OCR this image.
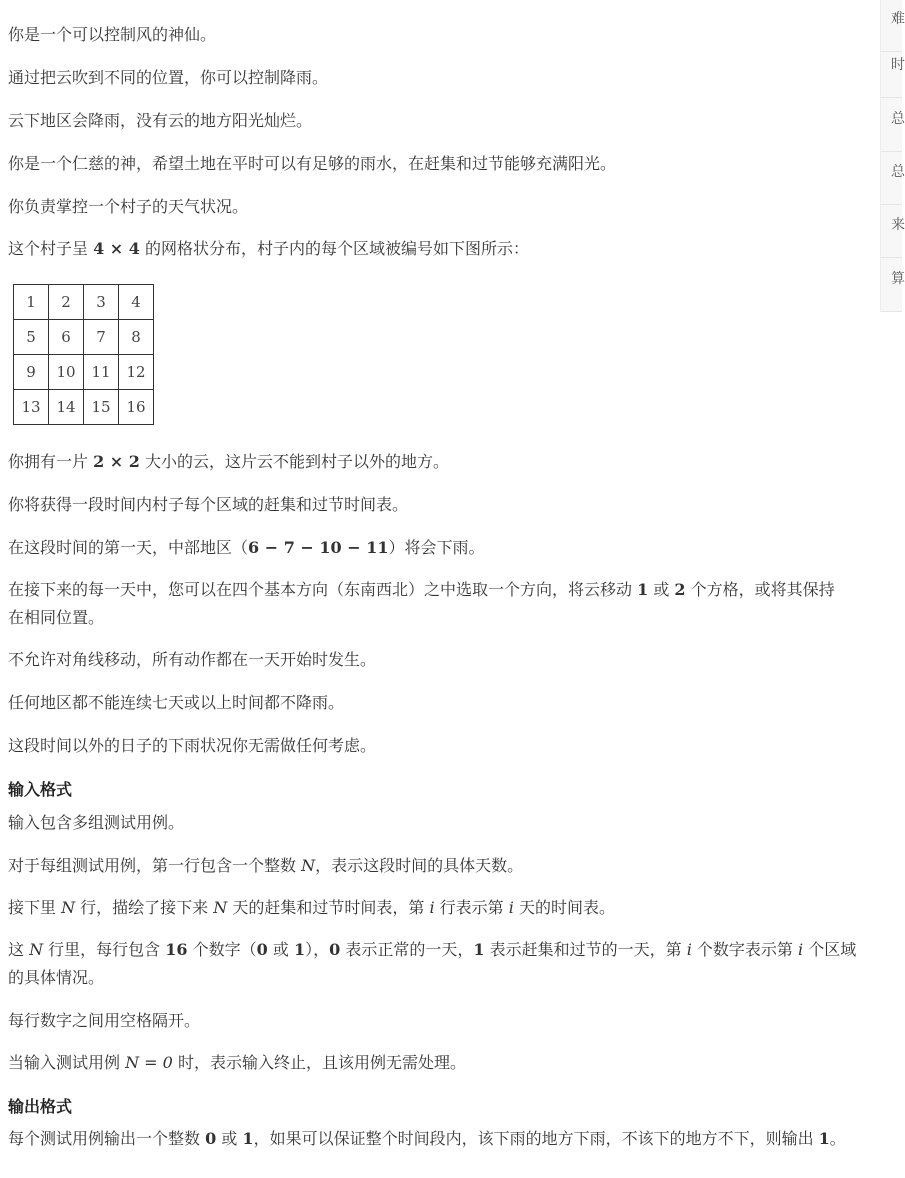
你是一个可以控制风的神仙。
通过把云吹到不同的位置，你可以控制降雨。
云下地区会降雨，没有云的地方阳光灿烂。
你是一个仁慈的神，希望土地在平时可以有足够的雨水，在赶集和过节能够充满阳光。
你负责掌控一个村子的天气状况。
这个村子呈 4 × 4 的网格状分布，村子内的每个区域被编号如下图所示：
1	2	3	4
5	6	7	8
9	10	11	12
13	14	15	16
你拥有一片 2 × 2 大小的云，这片云不能到村子以外的地方。
你将获得一段时间内村子每个区域的赶集和过节时间表。
在这段时间的第一天，中部地区（6 − 7 − 10 − 11）将会下雨。
在接下来的每一天中，您可以在四个基本方向（东南西北）之中选取一个方向，将云移动 1 或 2 个方格，或将其保持在相同位置。
不允许对角线移动，所有动作都在一天开始时发生。
任何地区都不能连续七天或以上时间都不降雨。
这段时间以外的日子的下雨状况你无需做任何考虑。
输入格式
输入包含多组测试用例。
对于每组测试用例，第一行包含一个整数 N，表示这段时间的具体天数。
接下里 N 行，描绘了接下来 N 天的赶集和过节时间表，第 i 行表示第 i 天的时间表。
这 N 行里，每行包含 16 个数字（0 或 1），0 表示正常的一天，1 表示赶集和过节的一天，第 i 个数字表示第 i 个区域的具体情况。
每行数字之间用空格隔开。
当输入测试用例 N = 0 时，表示输入终止，且该用例无需处理。
输出格式
每个测试用例输出一个整数 0 或 1，如果可以保证整个时间段内，该下雨的地方下雨，不该下的地方不下，则输出 1。
难
时
总
总
来
算
